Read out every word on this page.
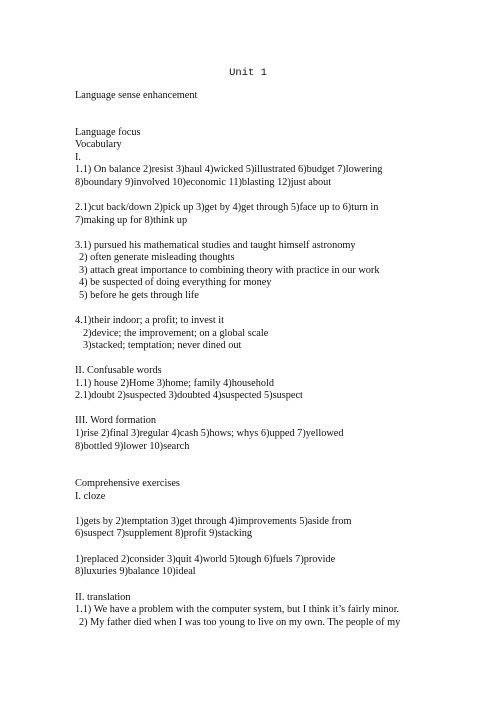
Unit 1
Language sense enhancement
Language focus
Vocabulary
I.
1.1) On balance 2)resist 3)haul 4)wicked 5)illustrated 6)budget 7)lowering
8)boundary 9)involved 10)economic 11)blasting 12)just about
2.1)cut back/down 2)pick up 3)get by 4)get through 5)face up to 6)turn in
7)making up for 8)think up
3.1) pursued his mathematical studies and taught himself astronomy
2) often generate misleading thoughts
3) attach great importance to combining theory with practice in our work
4) be suspected of doing everything for money
5) before he gets through life
4.1)their indoor; a profit; to invest it
2)device; the improvement; on a global scale
3)stacked; temptation; never dined out
II. Confusable words
1.1) house 2)Home 3)home; family 4)household
2.1)doubt 2)suspected 3)doubted 4)suspected 5)suspect
III. Word formation
1)rise 2)final 3)regular 4)cash 5)hows; whys 6)upped 7)yellowed
8)bottled 9)lower 10)search
Comprehensive exercises
I. cloze
1)gets by 2)temptation 3)get through 4)improvements 5)aside from
6)suspect 7)supplement 8)profit 9)stacking
1)replaced 2)consider 3)quit 4)world 5)tough 6)fuels 7)provide
8)luxuries 9)balance 10)ideal
II. translation
1.1) We have a problem with the computer system, but I think it’s fairly minor.
2) My father died when I was too young to live on my own. The people of my
